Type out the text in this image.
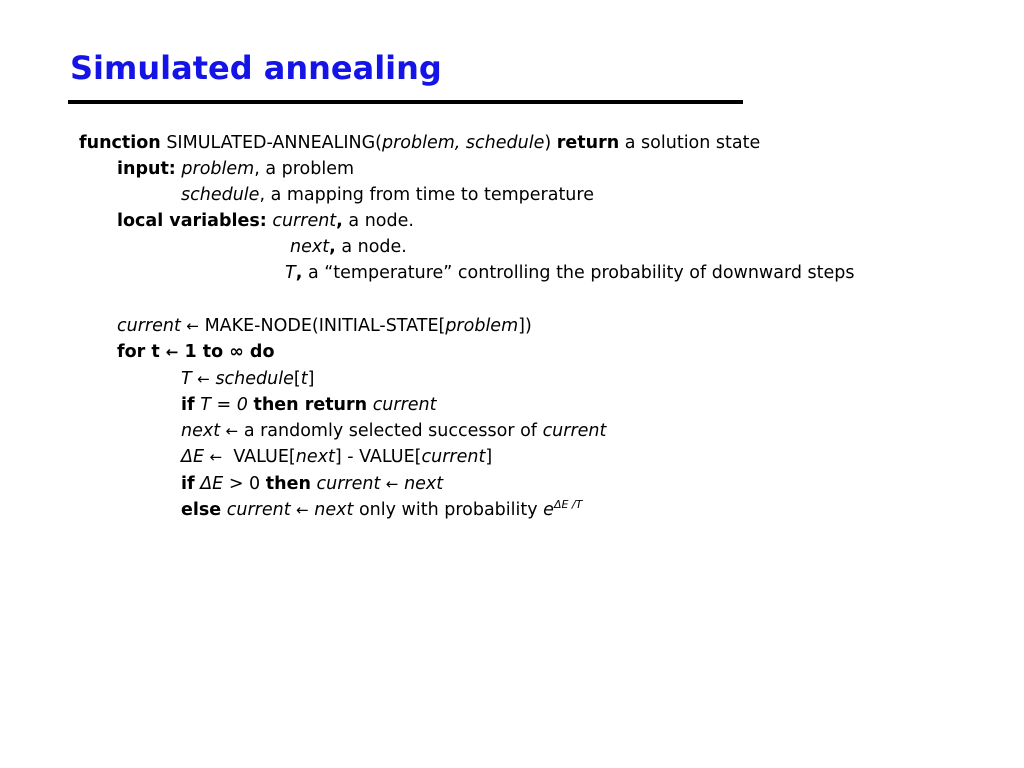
Simulated annealing
function SIMULATED-ANNEALING(problem, schedule) return a solution state
input: problem, a problem
schedule, a mapping from time to temperature
local variables: current, a node.
next, a node.
T, a “temperature” controlling the probability of downward steps
current ← MAKE-NODE(INITIAL-STATE[problem])
for t ← 1 to ∞ do
T ← schedule[t]
if T = 0 then return current
next ← a randomly selected successor of current
ΔE ← VALUE[next] - VALUE[current]
if ΔE > 0 then current ← next
else current ← next only with probability $e^{\Delta E /T}$
